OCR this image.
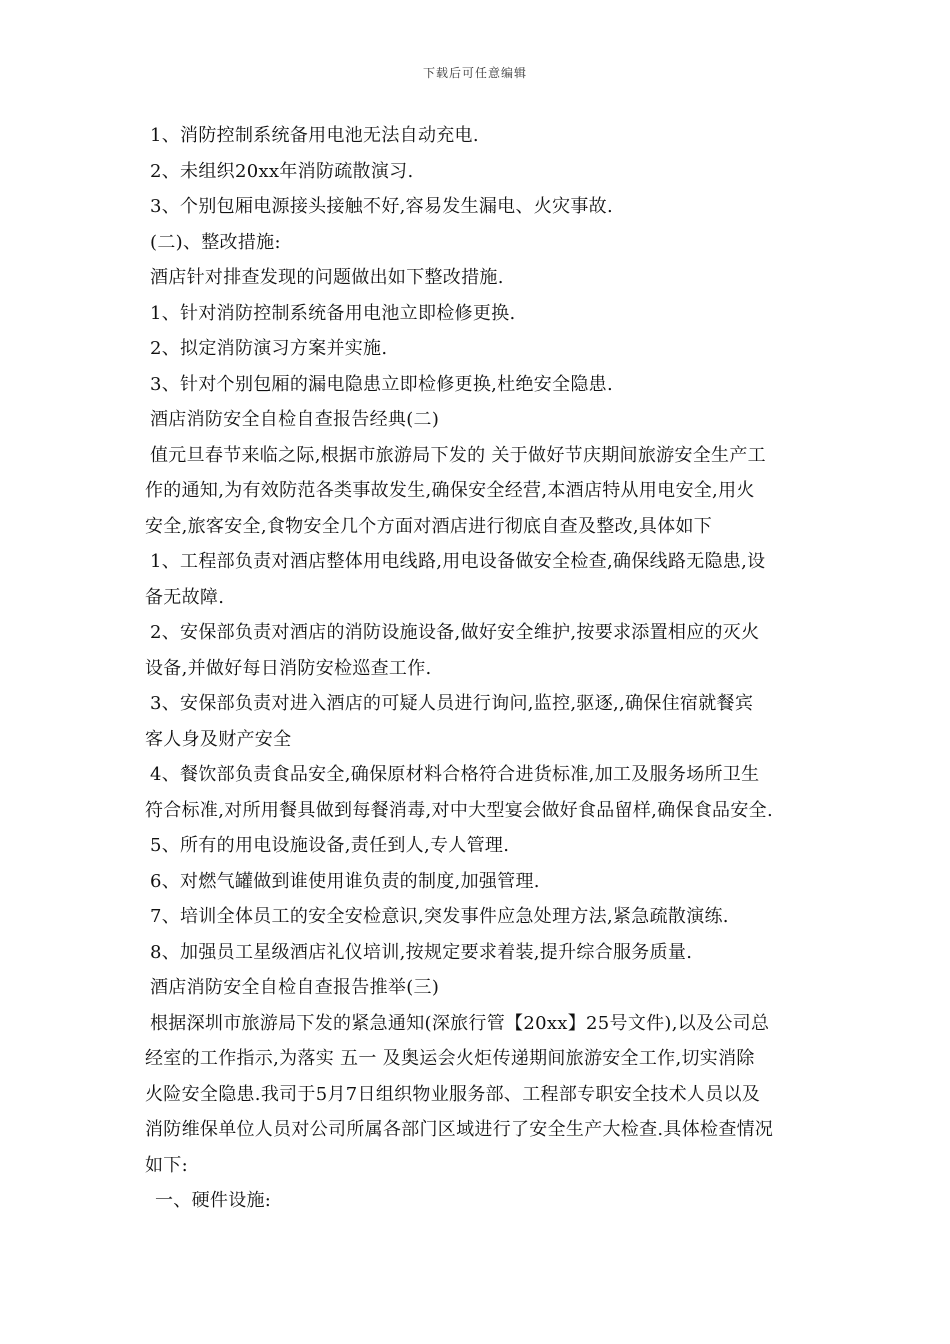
下载后可任意编辑
1、消防控制系统备用电池无法自动充电.
2、未组织20xx年消防疏散演习.
3、个别包厢电源接头接触不好,容易发生漏电、火灾事故.
(二)、整改措施:
酒店针对排查发现的问题做出如下整改措施.
1、针对消防控制系统备用电池立即检修更换.
2、拟定消防演习方案并实施.
3、针对个别包厢的漏电隐患立即检修更换,杜绝安全隐患.
酒店消防安全自检自查报告经典(二)
值元旦春节来临之际,根据市旅游局下发的 关于做好节庆期间旅游安全生产工
作的通知,为有效防范各类事故发生,确保安全经营,本酒店特从用电安全,用火
安全,旅客安全,食物安全几个方面对酒店进行彻底自查及整改,具体如下
1、工程部负责对酒店整体用电线路,用电设备做安全检查,确保线路无隐患,设
备无故障.
2、安保部负责对酒店的消防设施设备,做好安全维护,按要求添置相应的灭火
设备,并做好每日消防安检巡查工作.
3、安保部负责对进入酒店的可疑人员进行询问,监控,驱逐,,确保住宿就餐宾
客人身及财产安全
4、餐饮部负责食品安全,确保原材料合格符合进货标准,加工及服务场所卫生
符合标准,对所用餐具做到每餐消毒,对中大型宴会做好食品留样,确保食品安全.
5、所有的用电设施设备,责任到人,专人管理.
6、对燃气罐做到谁使用谁负责的制度,加强管理.
7、培训全体员工的安全安检意识,突发事件应急处理方法,紧急疏散演练.
8、加强员工星级酒店礼仪培训,按规定要求着装,提升综合服务质量.
酒店消防安全自检自查报告推举(三)
根据深圳市旅游局下发的紧急通知(深旅行管【20xx】25号文件),以及公司总
经室的工作指示,为落实 五一 及奥运会火炬传递期间旅游安全工作,切实消除
火险安全隐患.我司于5月7日组织物业服务部、工程部专职安全技术人员以及
消防维保单位人员对公司所属各部门区域进行了安全生产大检查.具体检查情况
如下:
一、硬件设施:
